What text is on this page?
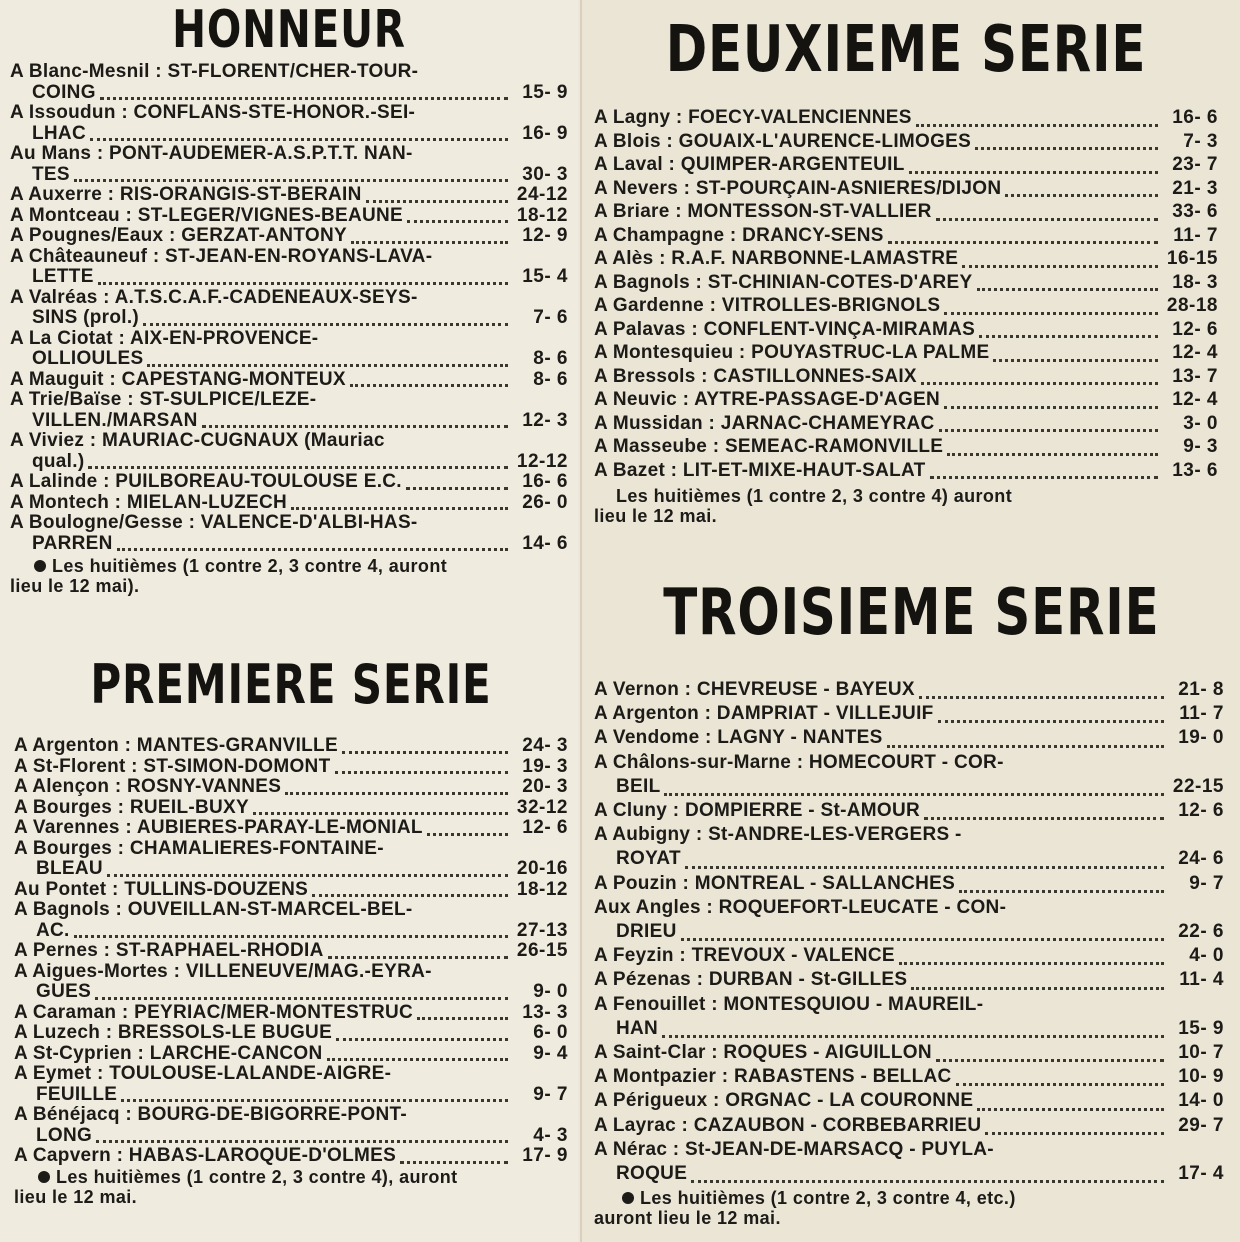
HONNEUR
A Blanc-Mesnil : ST-FLORENT/CHER-TOUR-
COING	15- 9
A Issoudun : CONFLANS-STE-HONOR.-SEI-
LHAC	16- 9
Au Mans : PONT-AUDEMER-A.S.P.T.T. NAN-
TES	30- 3
A Auxerre : RIS-ORANGIS-ST-BERAIN	24-12
A Montceau : ST-LEGER/VIGNES-BEAUNE	18-12
A Pougnes/Eaux : GERZAT-ANTONY	12- 9
A Châteauneuf : ST-JEAN-EN-ROYANS-LAVA-
LETTE	15- 4
A Valréas : A.T.S.C.A.F.-CADENEAUX-SEYS-
SINS (prol.)	7- 6
A La Ciotat : AIX-EN-PROVENCE-
OLLIOULES	8- 6
A Mauguit : CAPESTANG-MONTEUX	8- 6
A Trie/Baïse : ST-SULPICE/LEZE-
VILLEN./MARSAN	12- 3
A Viviez : MAURIAC-CUGNAUX (Mauriac
qual.)	12-12
A Lalinde : PUILBOREAU-TOULOUSE E.C.	16- 6
A Montech : MIELAN-LUZECH	26- 0
A Boulogne/Gesse : VALENCE-D'ALBI-HAS-
PARREN	14- 6
Les huitièmes (1 contre 2, 3 contre 4, auront
lieu le 12 mai).
PREMIERE SERIE
A Argenton : MANTES-GRANVILLE	24- 3
A St-Florent : ST-SIMON-DOMONT	19- 3
A Alençon : ROSNY-VANNES	20- 3
A Bourges : RUEIL-BUXY	32-12
A Varennes : AUBIERES-PARAY-LE-MONIAL	12- 6
A Bourges : CHAMALIERES-FONTAINE-
BLEAU	20-16
Au Pontet : TULLINS-DOUZENS	18-12
A Bagnols : OUVEILLAN-ST-MARCEL-BEL-
AC.	27-13
A Pernes : ST-RAPHAEL-RHODIA	26-15
A Aigues-Mortes : VILLENEUVE/MAG.-EYRA-
GUES	9- 0
A Caraman : PEYRIAC/MER-MONTESTRUC	13- 3
A Luzech : BRESSOLS-LE BUGUE	6- 0
A St-Cyprien : LARCHE-CANCON	9- 4
A Eymet : TOULOUSE-LALANDE-AIGRE-
FEUILLE	9- 7
A Bénéjacq : BOURG-DE-BIGORRE-PONT-
LONG	4- 3
A Capvern : HABAS-LAROQUE-D'OLMES	17- 9
Les huitièmes (1 contre 2, 3 contre 4), auront
lieu le 12 mai.
DEUXIEME SERIE
A Lagny : FOECY-VALENCIENNES	16- 6
A Blois : GOUAIX-L'AURENCE-LIMOGES	7- 3
A Laval : QUIMPER-ARGENTEUIL	23- 7
A Nevers : ST-POURÇAIN-ASNIERES/DIJON	21- 3
A Briare : MONTESSON-ST-VALLIER	33- 6
A Champagne : DRANCY-SENS	11- 7
A Alès : R.A.F. NARBONNE-LAMASTRE	16-15
A Bagnols : ST-CHINIAN-COTES-D'AREY	18- 3
A Gardenne : VITROLLES-BRIGNOLS	28-18
A Palavas : CONFLENT-VINÇA-MIRAMAS	12- 6
A Montesquieu : POUYASTRUC-LA PALME	12- 4
A Bressols : CASTILLONNES-SAIX	13- 7
A Neuvic : AYTRE-PASSAGE-D'AGEN	12- 4
A Mussidan : JARNAC-CHAMEYRAC	3- 0
A Masseube : SEMEAC-RAMONVILLE	9- 3
A Bazet : LIT-ET-MIXE-HAUT-SALAT	13- 6
Les huitièmes (1 contre 2, 3 contre 4) auront
lieu le 12 mai.
TROISIEME SERIE
A Vernon : CHEVREUSE - BAYEUX	21- 8
A Argenton : DAMPRIAT - VILLEJUIF	11- 7
A Vendome : LAGNY - NANTES	19- 0
A Châlons-sur-Marne : HOMECOURT - COR-
BEIL	22-15
A Cluny : DOMPIERRE - St-AMOUR	12- 6
A Aubigny : St-ANDRE-LES-VERGERS -
ROYAT	24- 6
A Pouzin : MONTREAL - SALLANCHES	9- 7
Aux Angles : ROQUEFORT-LEUCATE - CON-
DRIEU	22- 6
A Feyzin : TREVOUX - VALENCE	4- 0
A Pézenas : DURBAN - St-GILLES	11- 4
A Fenouillet : MONTESQUIOU - MAUREIL-
HAN	15- 9
A Saint-Clar : ROQUES - AIGUILLON	10- 7
A Montpazier : RABASTENS - BELLAC	10- 9
A Périgueux : ORGNAC - LA COURONNE	14- 0
A Layrac : CAZAUBON - CORBEBARRIEU	29- 7
A Nérac : St-JEAN-DE-MARSACQ - PUYLA-
ROQUE	17- 4
Les huitièmes (1 contre 2, 3 contre 4, etc.)
auront lieu le 12 mai.
